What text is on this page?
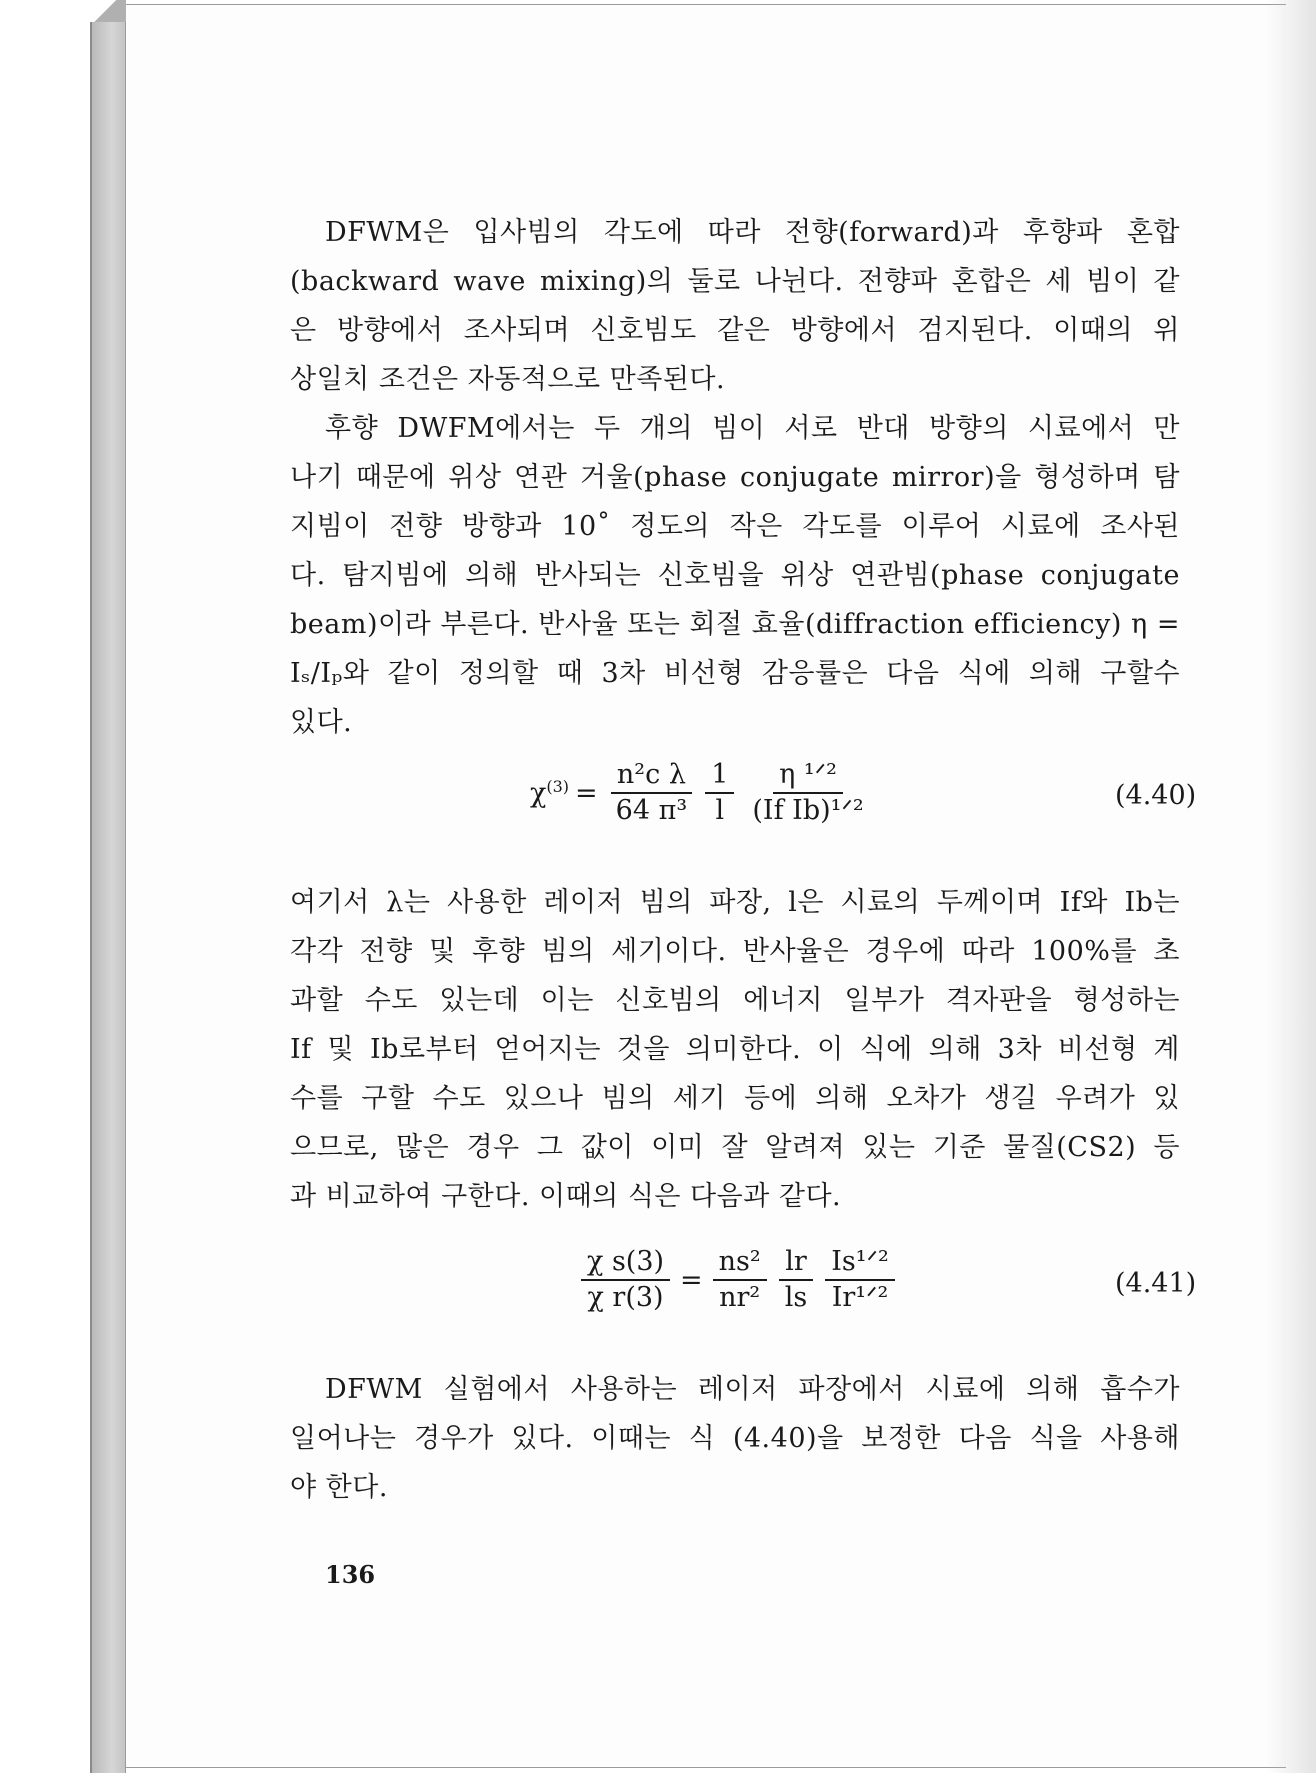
DFWM은 입사빔의 각도에 따라 전향(forward)과 후향파 혼합

(backward wave mixing)의 둘로 나뉜다. 전향파 혼합은 세 빔이 같

은 방향에서 조사되며 신호빔도 같은 방향에서 검지된다. 이때의 위

상일치 조건은 자동적으로 만족된다.

후향 DWFM에서는 두 개의 빔이 서로 반대 방향의 시료에서 만

나기 때문에 위상 연관 거울(phase conjugate mirror)을 형성하며 탐

지빔이 전향 방향과 10˚ 정도의 작은 각도를 이루어 시료에 조사된

다. 탐지빔에 의해 반사되는 신호빔을 위상 연관빔(phase conjugate

beam)이라 부른다. 반사율 또는 회절 효율(diffraction efficiency) η =

Iₛ/Iₚ와 같이 정의할 때 3차 비선형 감응률은 다음 식에 의해 구할수

있다.

$\chi^{(3)} = \frac{\text{n²c λ}}{\text{64 π³}} \frac{1}{l} \frac{\text{η ¹ᐟ²}}{\text{(If Ib)¹ᐟ²}}$	(4.40)

여기서 λ는 사용한 레이저 빔의 파장, l은 시료의 두께이며 If와 Ib는

각각 전향 및 후향 빔의 세기이다. 반사율은 경우에 따라 100%를 초

과할 수도 있는데 이는 신호빔의 에너지 일부가 격자판을 형성하는

If 및 Ib로부터 얻어지는 것을 의미한다. 이 식에 의해 3차 비선형 계

수를 구할 수도 있으나 빔의 세기 등에 의해 오차가 생길 우려가 있

으므로, 많은 경우 그 값이 이미 잘 알려져 있는 기준 물질(CS2) 등

과 비교하여 구한다. 이때의 식은 다음과 같다.

$\frac{\text{χ s(3)}}{\text{χ r(3)}} = \frac{\text{ns²}}{\text{nr²}} \frac{lr}{ls} \frac{\text{Is¹ᐟ²}}{\text{Ir¹ᐟ²}}$	(4.41)

DFWM 실험에서 사용하는 레이저 파장에서 시료에 의해 흡수가

일어나는 경우가 있다. 이때는 식 (4.40)을 보정한 다음 식을 사용해

야 한다.

136
